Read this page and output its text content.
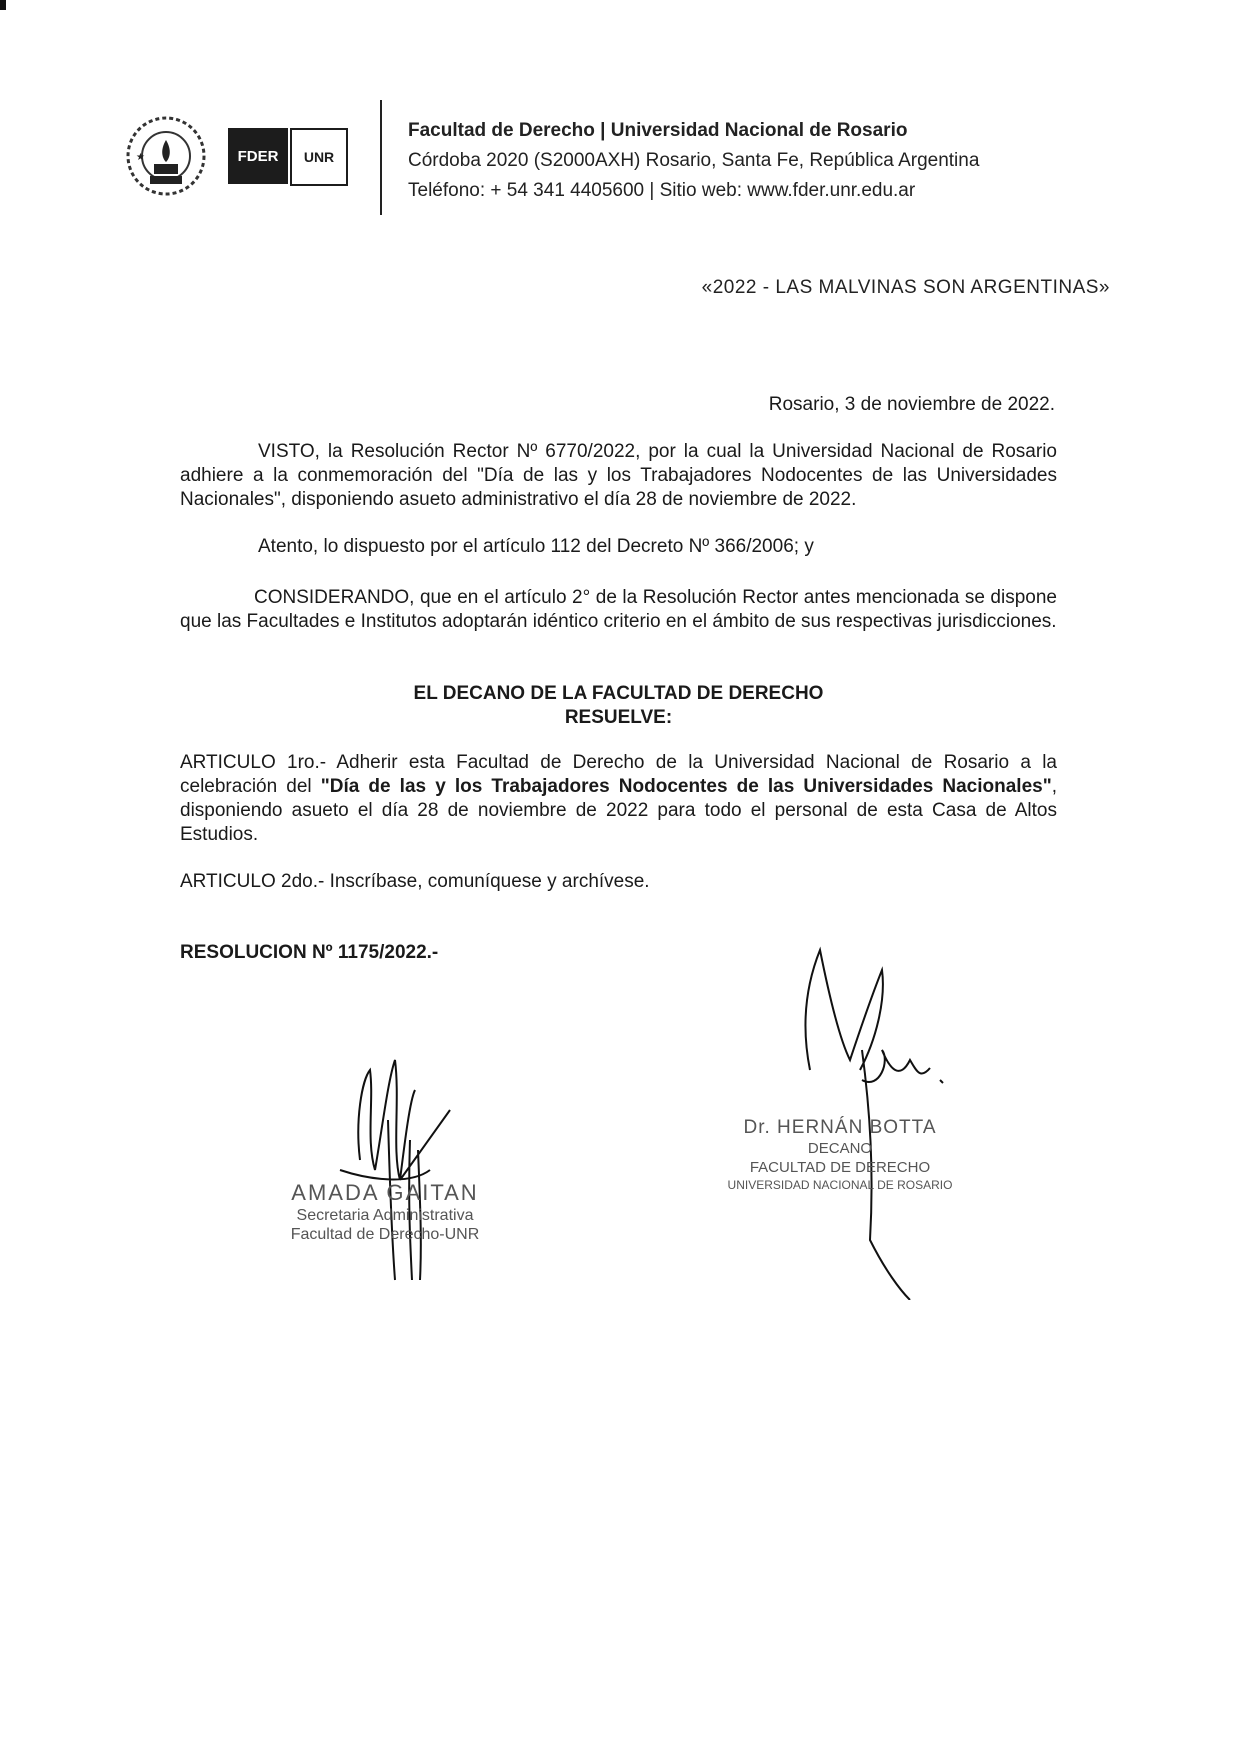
★	FDER	UNR
Facultad de Derecho | Universidad Nacional de Rosario
Córdoba 2020 (S2000AXH) Rosario, Santa Fe, República Argentina
Teléfono: + 54 341 4405600 | Sitio web: www.fder.unr.edu.ar
«2022 - LAS MALVINAS SON ARGENTINAS»
Rosario, 3 de noviembre de 2022.
VISTO, la Resolución Rector Nº 6770/2022, por la cual la Universidad Nacional de Rosario adhiere a la conmemoración del "Día de las y los Trabajadores Nodocentes de las Universidades Nacionales", disponiendo asueto administrativo el día 28 de noviembre de 2022.
Atento, lo dispuesto por el artículo 112 del Decreto Nº 366/2006; y
CONSIDERANDO, que en el artículo 2° de la Resolución Rector antes mencionada se dispone que las Facultades e Institutos adoptarán idéntico criterio en el ámbito de sus respectivas jurisdicciones.
EL DECANO DE LA FACULTAD DE DERECHO
RESUELVE:
ARTICULO 1ro.- Adherir esta Facultad de Derecho de la Universidad Nacional de Rosario a la celebración del "Día de las y los Trabajadores Nodocentes de las Universidades Nacionales", disponiendo asueto el día 28 de noviembre de 2022 para todo el personal de esta Casa de Altos Estudios.
ARTICULO 2do.- Inscríbase, comuníquese y archívese.
RESOLUCION Nº 1175/2022.-
AMADA GAITAN
Secretaria Administrativa
Facultad de Derecho-UNR
Dr. HERNÁN BOTTA
DECANO
FACULTAD DE DERECHO
UNIVERSIDAD NACIONAL DE ROSARIO
